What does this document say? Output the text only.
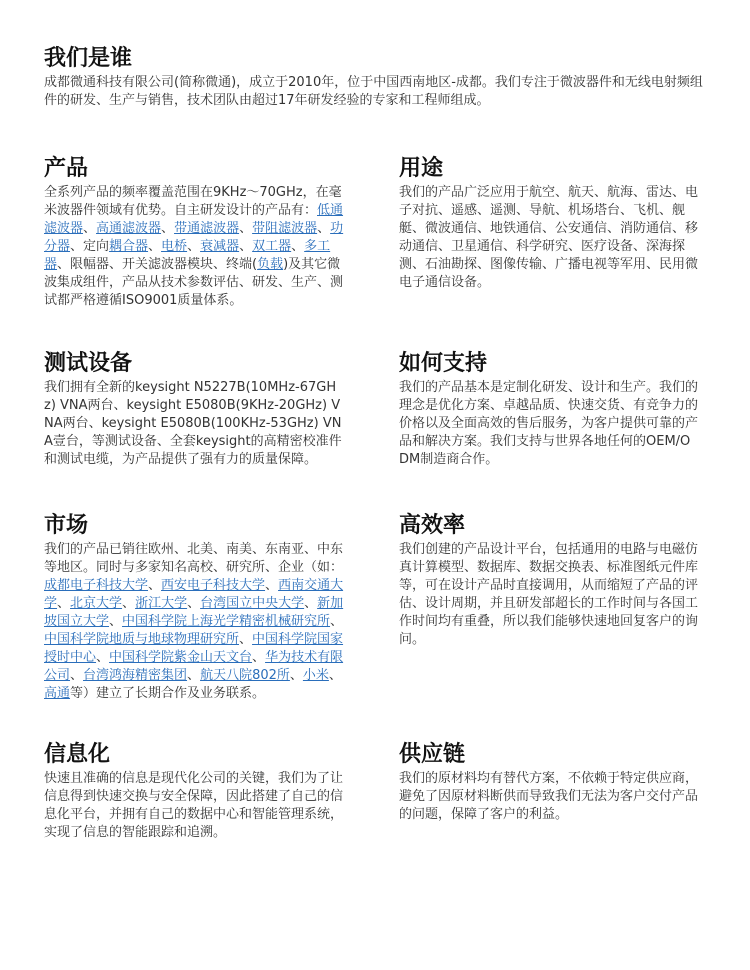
我们是谁

成都微通科技有限公司(简称微通)，成立于2010年，位于中国西南地区-成都。我们专注于微波器件和无线电射频组件的研发、生产与销售，技术团队由超过17年研发经验的专家和工程师组成。

产品

全系列产品的频率覆盖范围在9KHz～70GHz，在毫米波器件领域有优势。自主研发设计的产品有：低通滤波器、高通滤波器、带通滤波器、带阻滤波器、功分器、定向耦合器、电桥、衰减器、双工器、多工器、限幅器、开关滤波器模块、终端(负载)及其它微波集成组件，产品从技术参数评估、研发、生产、测试都严格遵循ISO9001质量体系。

用途

我们的产品广泛应用于航空、航天、航海、雷达、电子对抗、遥感、遥测、导航、机场塔台、飞机、舰艇、微波通信、地铁通信、公安通信、消防通信、移动通信、卫星通信、科学研究、医疗设备、深海探测、石油勘探、图像传输、广播电视等军用、民用微电子通信设备。

测试设备

我们拥有全新的keysight N5227B(10MHz-67GHz) VNA两台、keysight E5080B(9KHz-20GHz) VNA两台、keysight E5080B(100KHz-53GHz) VNA壹台，等测试设备、全套keysight的高精密校准件和测试电缆，为产品提供了强有力的质量保障。

如何支持

我们的产品基本是定制化研发、设计和生产。我们的理念是优化方案、卓越品质、快速交货、有竞争力的价格以及全面高效的售后服务，为客户提供可靠的产品和解决方案。我们支持与世界各地任何的OEM/ODM制造商合作。

市场

我们的产品已销往欧州、北美、南美、东南亚、中东等地区。同时与多家知名高校、研究所、企业（如：成都电子科技大学、西安电子科技大学、西南交通大学、北京大学、浙江大学、台湾国立中央大学、新加坡国立大学、中国科学院上海光学精密机械研究所、中国科学院地质与地球物理研究所、中国科学院国家授时中心、中国科学院紫金山天文台、华为技术有限公司、台湾鸿海精密集团、航天八院802所、小米、高通等）建立了长期合作及业务联系。

高效率

我们创建的产品设计平台，包括通用的电路与电磁仿真计算模型、数据库、数据交换表、标准图纸元件库等，可在设计产品时直接调用，从而缩短了产品的评估、设计周期，并且研发部超长的工作时间与各国工作时间均有重叠，所以我们能够快速地回复客户的询问。

信息化

快速且准确的信息是现代化公司的关键，我们为了让信息得到快速交换与安全保障，因此搭建了自己的信息化平台，并拥有自己的数据中心和智能管理系统，实现了信息的智能跟踪和追溯。

供应链

我们的原材料均有替代方案，不依赖于特定供应商，避免了因原材料断供而导致我们无法为客户交付产品的问题，保障了客户的利益。
